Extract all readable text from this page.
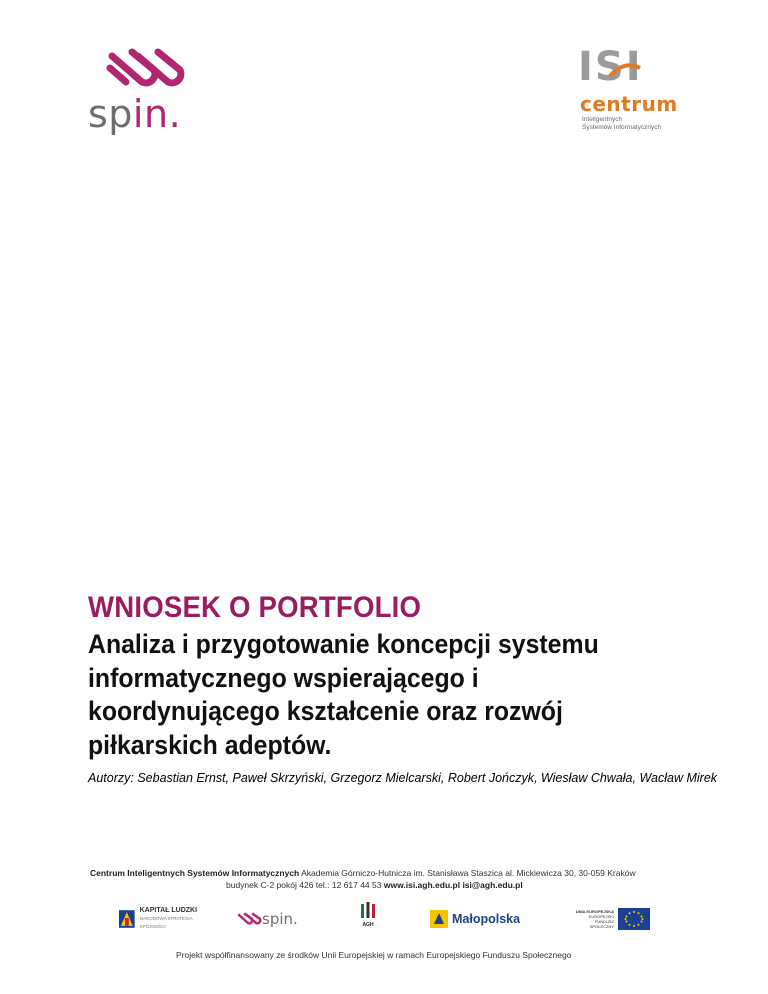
spin.
ISI
centrum
Inteligentnych
Systemów Informatycznych
WNIOSEK O PORTFOLIO
Analiza i przygotowanie koncepcji systemu informatycznego wspierającego i koordynującego kształcenie oraz rozwój piłkarskich adeptów.
Autorzy: Sebastian Ernst, Paweł Skrzyński, Grzegorz Mielcarski, Robert Jończyk, Wiesław Chwała, Wacław Mirek
Centrum Inteligentnych Systemów Informatycznych Akademia Górniczo-Hutnicza im. Stanisława Staszica al. Mickiewicza 30, 30-059 Kraków
budynek C-2 pokój 426 tel.: 12 617 44 53 www.isi.agh.edu.pl isi@agh.edu.pl
KAPITAŁ LUDZKI
NARODOWA STRATEGIA SPÓJNOŚCI	spin.	AGH	Małopolska
UNIA EUROPEJSKA
EUROPEJSKI
FUNDUSZ SPOŁECZNY
Projekt współfinansowany ze środków Unii Europejskiej w ramach Europejskiego Funduszu Społecznego
